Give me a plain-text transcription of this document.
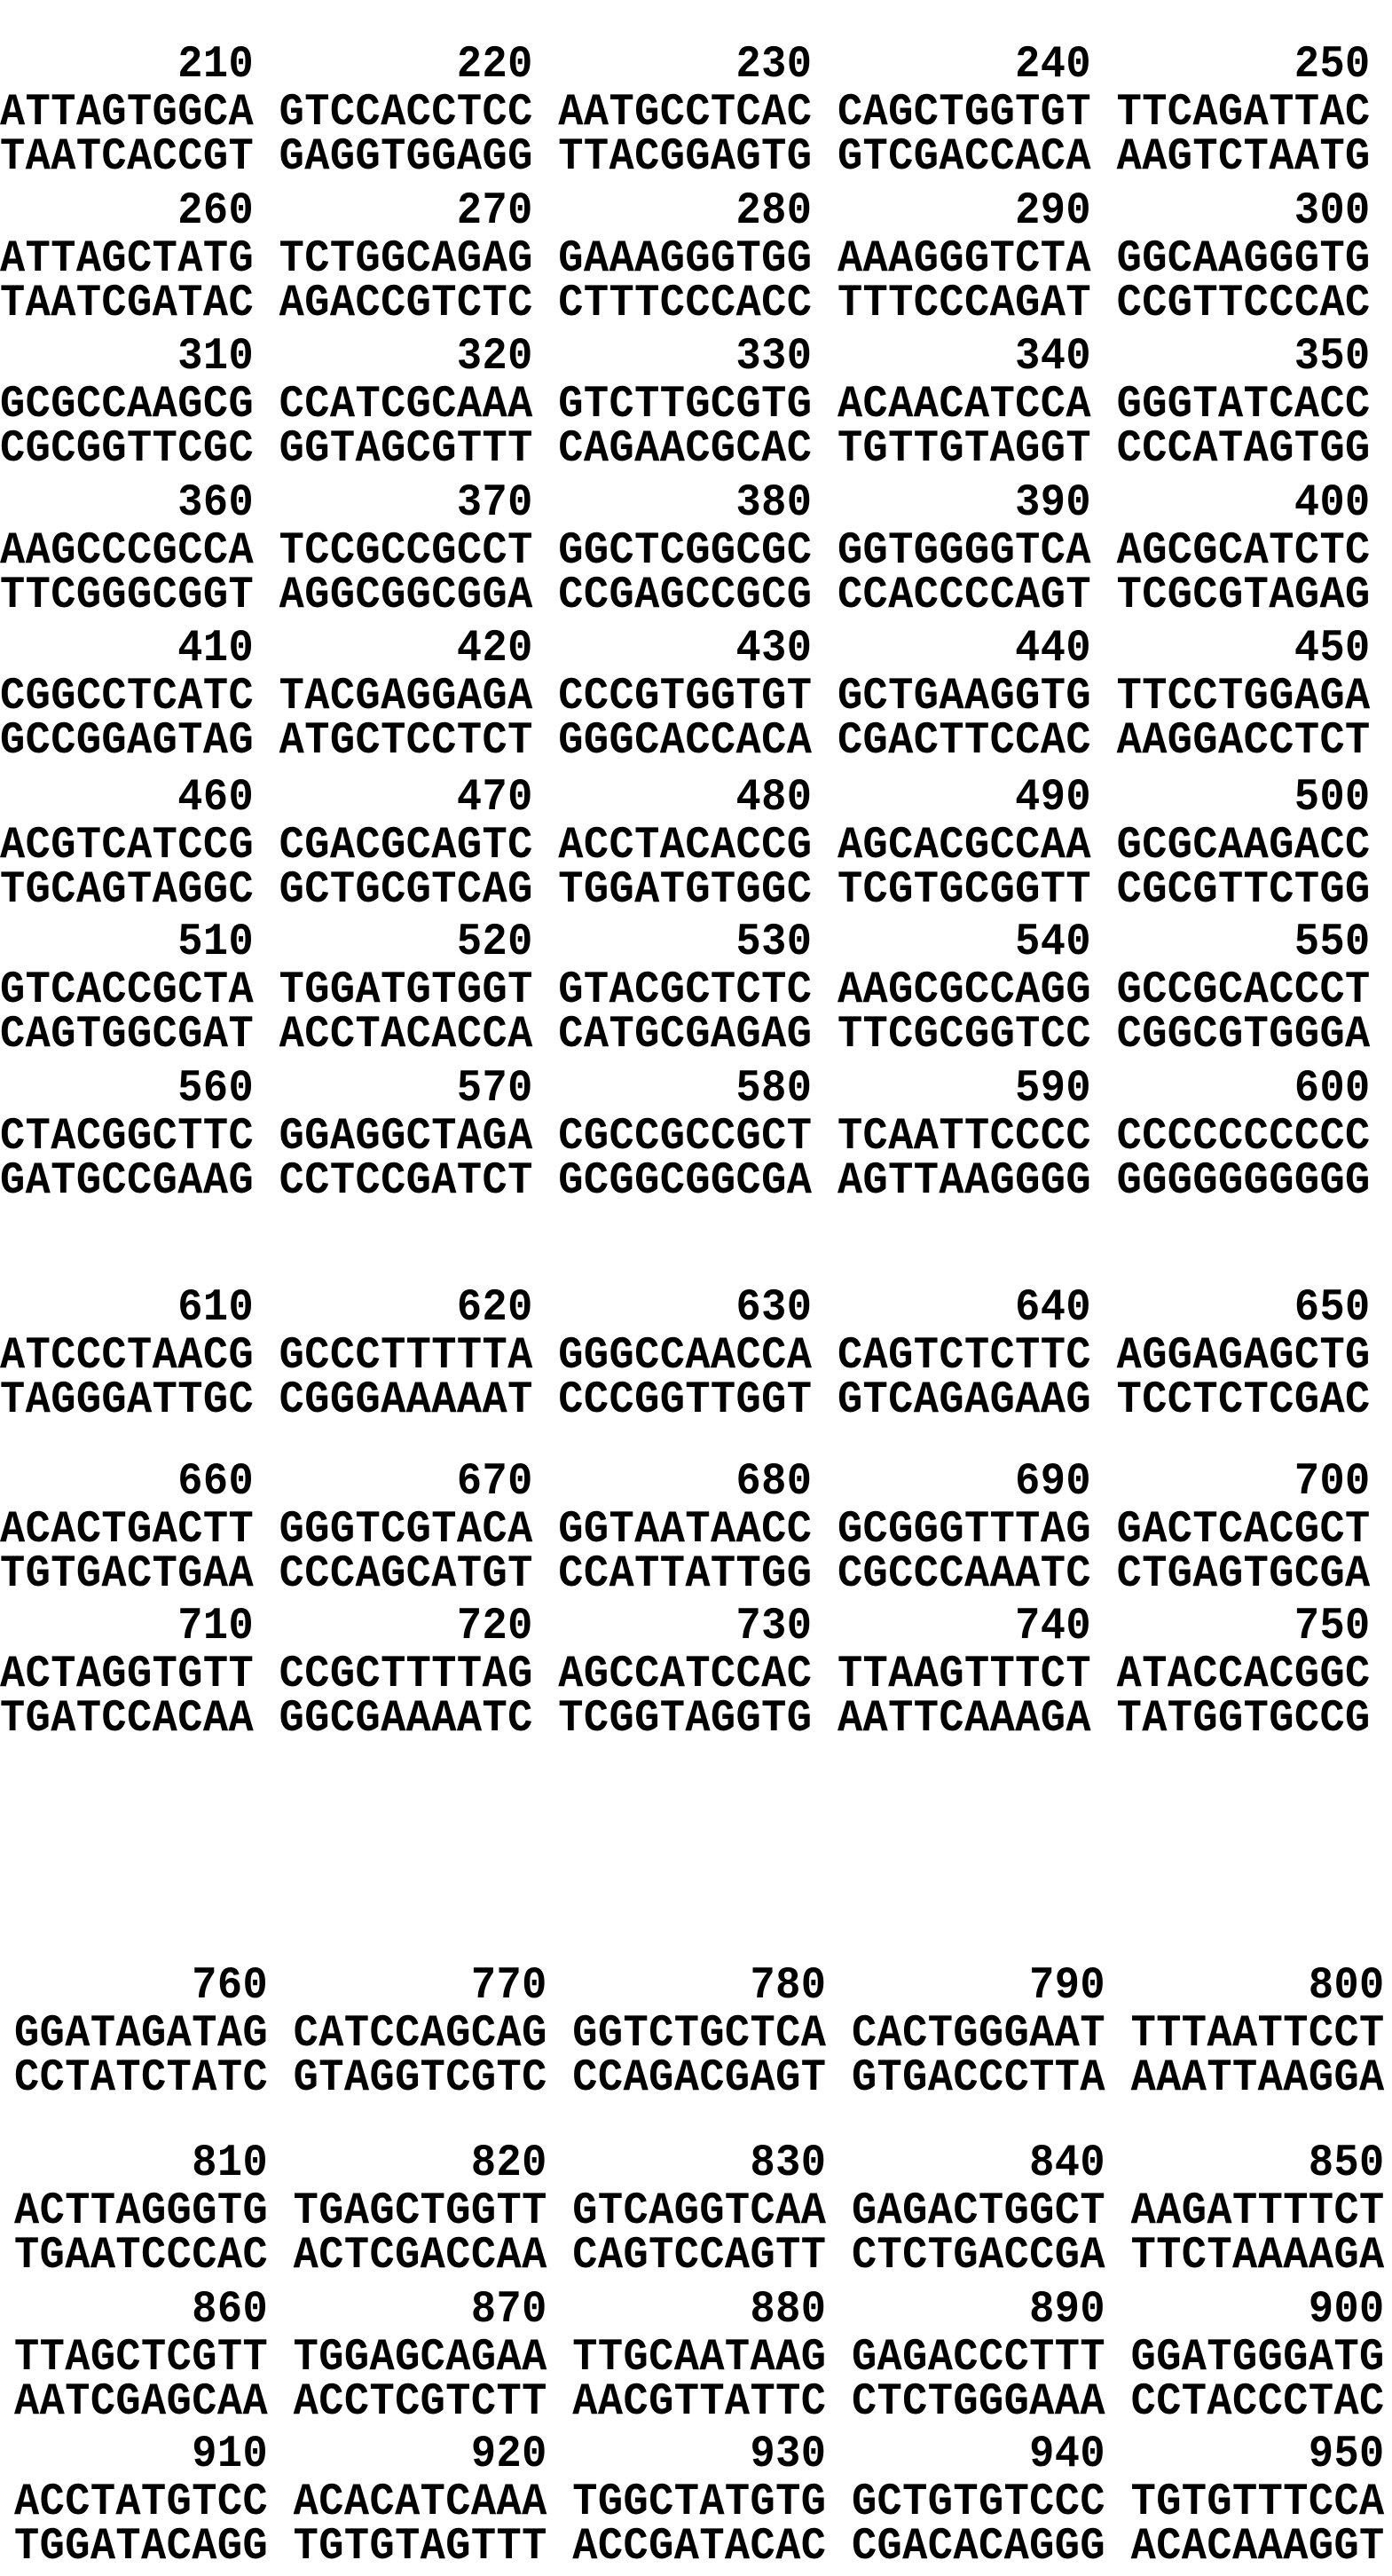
210        220        230        240        250
ATTAGTGGCA GTCCACCTCC AATGCCTCAC CAGCTGGTGT TTCAGATTAC
TAATCACCGT GAGGTGGAGG TTACGGAGTG GTCGACCACA AAGTCTAATG
260        270        280        290        300
ATTAGCTATG TCTGGCAGAG GAAAGGGTGG AAAGGGTCTA GGCAAGGGTG
TAATCGATAC AGACCGTCTC CTTTCCCACC TTTCCCAGAT CCGTTCCCAC
310        320        330        340        350
GCGCCAAGCG CCATCGCAAA GTCTTGCGTG ACAACATCCA GGGTATCACC
CGCGGTTCGC GGTAGCGTTT CAGAACGCAC TGTTGTAGGT CCCATAGTGG
360        370        380        390        400
AAGCCCGCCA TCCGCCGCCT GGCTCGGCGC GGTGGGGTCA AGCGCATCTC
TTCGGGCGGT AGGCGGCGGA CCGAGCCGCG CCACCCCAGT TCGCGTAGAG
410        420        430        440        450
CGGCCTCATC TACGAGGAGA CCCGTGGTGT GCTGAAGGTG TTCCTGGAGA
GCCGGAGTAG ATGCTCCTCT GGGCACCACA CGACTTCCAC AAGGACCTCT
460        470        480        490        500
ACGTCATCCG CGACGCAGTC ACCTACACCG AGCACGCCAA GCGCAAGACC
TGCAGTAGGC GCTGCGTCAG TGGATGTGGC TCGTGCGGTT CGCGTTCTGG
510        520        530        540        550
GTCACCGCTA TGGATGTGGT GTACGCTCTC AAGCGCCAGG GCCGCACCCT
CAGTGGCGAT ACCTACACCA CATGCGAGAG TTCGCGGTCC CGGCGTGGGA
560        570        580        590        600
CTACGGCTTC GGAGGCTAGA CGCCGCCGCT TCAATTCCCC CCCCCCCCCC
GATGCCGAAG CCTCCGATCT GCGGCGGCGA AGTTAAGGGG GGGGGGGGGG
610        620        630        640        650
ATCCCTAACG GCCCTTTTTA GGGCCAACCA CAGTCTCTTC AGGAGAGCTG
TAGGGATTGC CGGGAAAAAT CCCGGTTGGT GTCAGAGAAG TCCTCTCGAC
660        670        680        690        700
ACACTGACTT GGGTCGTACA GGTAATAACC GCGGGTTTAG GACTCACGCT
TGTGACTGAA CCCAGCATGT CCATTATTGG CGCCCAAATC CTGAGTGCGA
710        720        730        740        750
ACTAGGTGTT CCGCTTTTAG AGCCATCCAC TTAAGTTTCT ATACCACGGC
TGATCCACAA GGCGAAAATC TCGGTAGGTG AATTCAAAGA TATGGTGCCG
760        770        780        790        800
GGATAGATAG CATCCAGCAG GGTCTGCTCA CACTGGGAAT TTTAATTCCT
CCTATCTATC GTAGGTCGTC CCAGACGAGT GTGACCCTTA AAATTAAGGA
810        820        830        840        850
ACTTAGGGTG TGAGCTGGTT GTCAGGTCAA GAGACTGGCT AAGATTTTCT
TGAATCCCAC ACTCGACCAA CAGTCCAGTT CTCTGACCGA TTCTAAAAGA
860        870        880        890        900
TTAGCTCGTT TGGAGCAGAA TTGCAATAAG GAGACCCTTT GGATGGGATG
AATCGAGCAA ACCTCGTCTT AACGTTATTC CTCTGGGAAA CCTACCCTAC
910        920        930        940        950
ACCTATGTCC ACACATCAAA TGGCTATGTG GCTGTGTCCC TGTGTTTCCA
TGGATACAGG TGTGTAGTTT ACCGATACAC CGACACAGGG ACACAAAGGT
